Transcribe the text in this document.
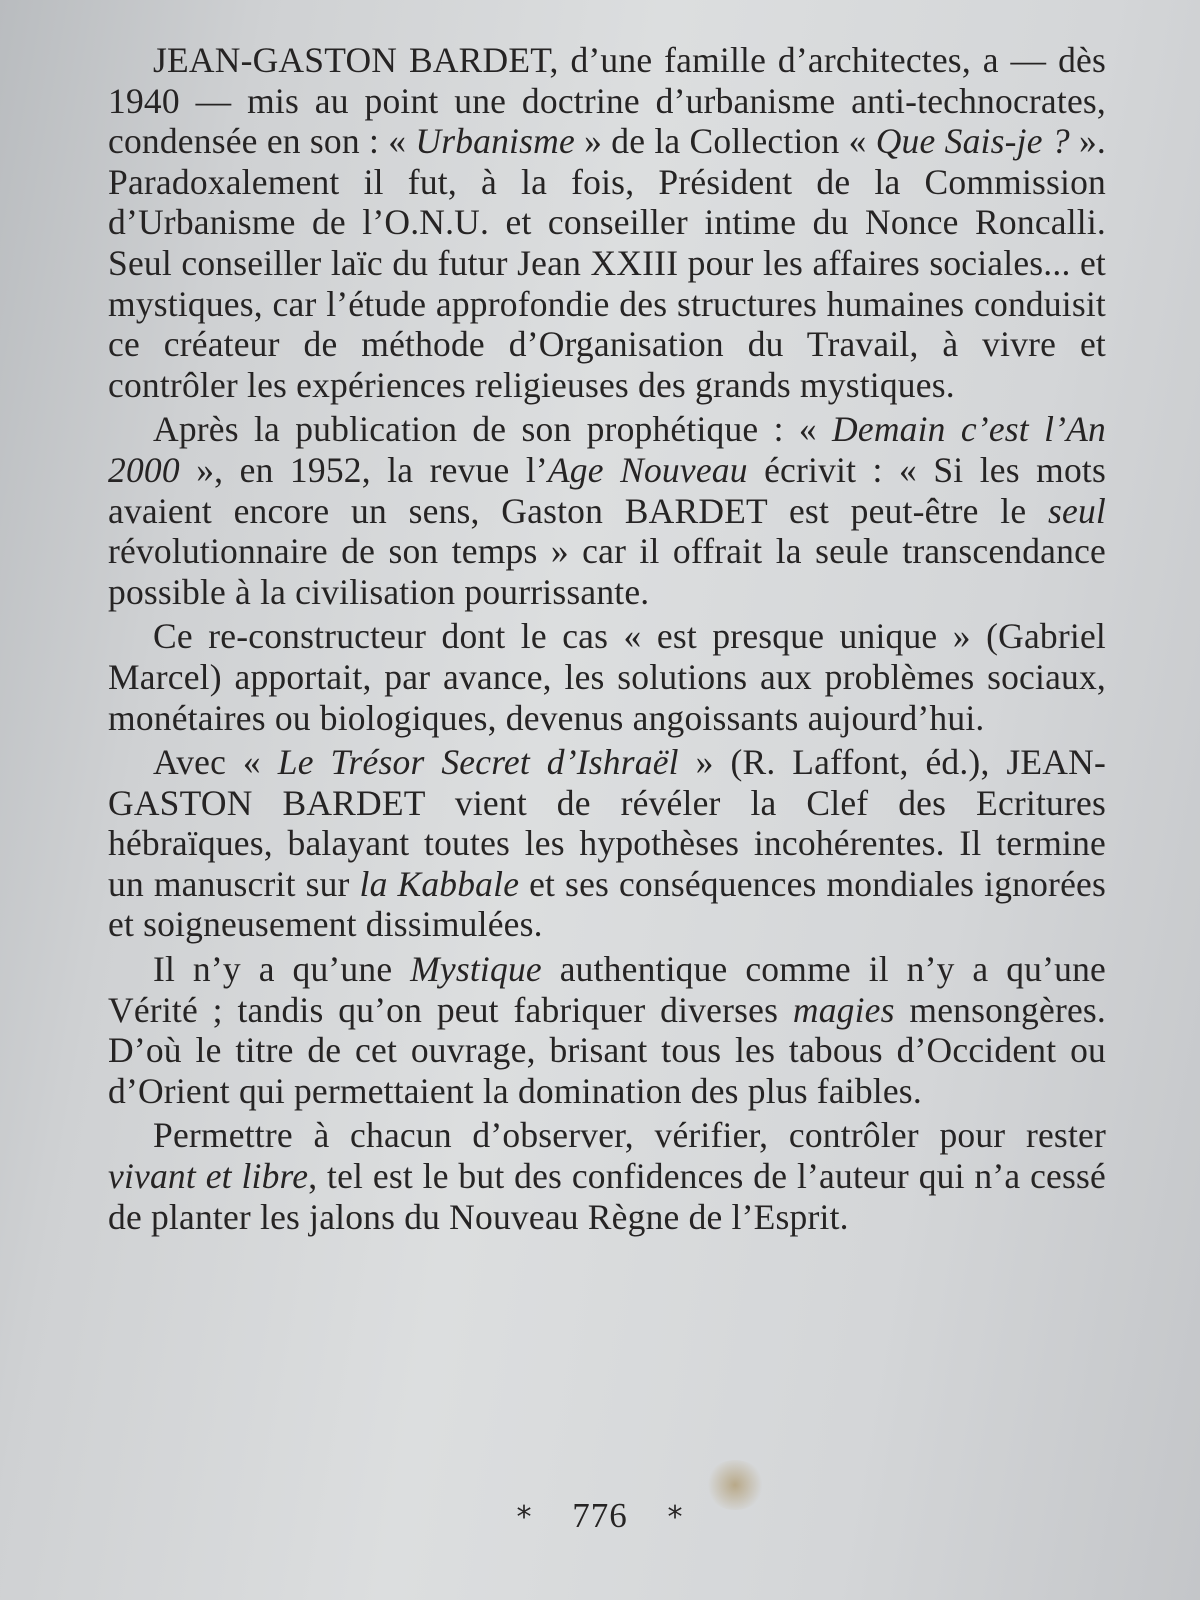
JEAN-GASTON BARDET, d’une famille d’architectes, a — dès 1940 — mis au point une doctrine d’urbanisme anti-technocrates, condensée en son : « Urbanisme » de la Collection « Que Sais-je ? ». Paradoxalement il fut, à la fois, Président de la Commission d’Urbanisme de l’O.N.U. et conseiller intime du Nonce Roncalli. Seul conseiller laïc du futur Jean XXIII pour les affaires sociales... et mystiques, car l’étude approfondie des structures humaines conduisit ce créateur de méthode d’Organisation du Travail, à vivre et contrôler les expériences religieuses des grands mystiques.

Après la publication de son prophétique : « Demain c’est l’An 2000 », en 1952, la revue l’Age Nouveau écrivit : « Si les mots avaient encore un sens, Gaston BARDET est peut-être le seul révolutionnaire de son temps » car il offrait la seule transcendance possible à la civilisation pourrissante.

Ce re-constructeur dont le cas « est presque unique » (Gabriel Marcel) apportait, par avance, les solutions aux problèmes sociaux, monétaires ou biologiques, devenus angoissants aujourd’hui.

Avec « Le Trésor Secret d’Ishraël » (R. Laffont, éd.), JEAN-GASTON BARDET vient de révéler la Clef des Ecritures hébraïques, balayant toutes les hypothèses incohérentes. Il termine un manuscrit sur la Kabbale et ses conséquences mondiales ignorées et soigneusement dissimulées.

Il n’y a qu’une Mystique authentique comme il n’y a qu’une Vérité ; tandis qu’on peut fabriquer diverses magies mensongères. D’où le titre de cet ouvrage, brisant tous les tabous d’Occident ou d’Orient qui permettaient la domination des plus faibles.

Permettre à chacun d’observer, vérifier, contrôler pour rester vivant et libre, tel est le but des confidences de l’auteur qui n’a cessé de planter les jalons du Nouveau Règne de l’Esprit.

* 776 *
